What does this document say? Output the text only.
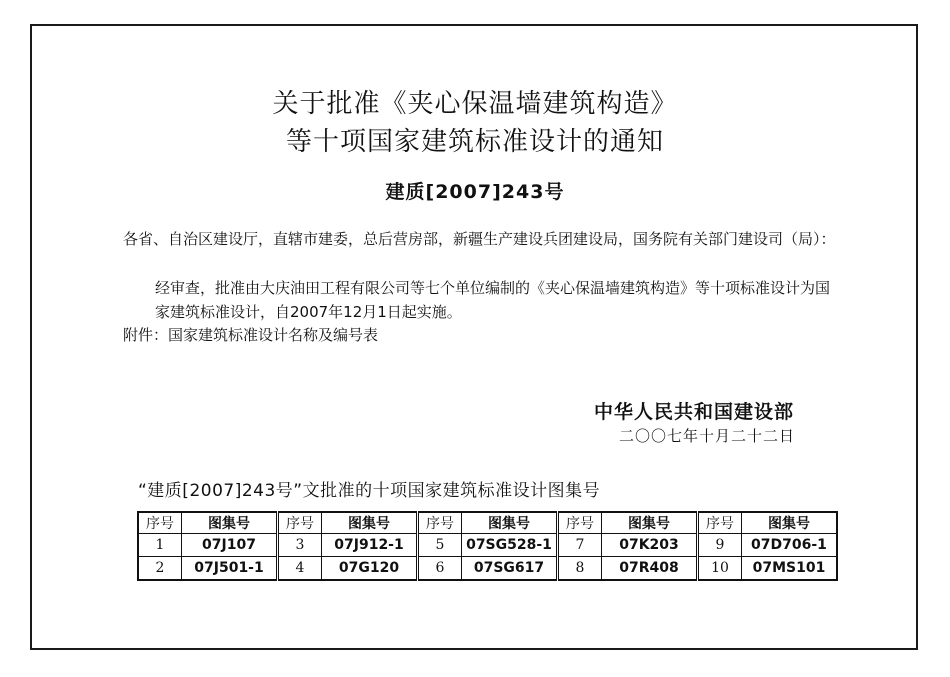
关于批准《夹心保温墙建筑构造》
等十项国家建筑标准设计的通知
建质[2007]243号
各省、自治区建设厅，直辖市建委，总后营房部，新疆生产建设兵团建设局，国务院有关部门建设司（局）：
经审查，批准由大庆油田工程有限公司等七个单位编制的《夹心保温墙建筑构造》等十项标准设计为国家建筑标准设计，自2007年12月1日起实施。
附件：国家建筑标准设计名称及编号表
中华人民共和国建设部
二〇〇七年十月二十二日
“建质[2007]243号”文批准的十项国家建筑标准设计图集号
序号	图集号	序号	图集号	序号	图集号	序号	图集号	序号	图集号
1	07J107	3	07J912-1	5	07SG528-1	7	07K203	9	07D706-1
2	07J501-1	4	07G120	6	07SG617	8	07R408	10	07MS101
